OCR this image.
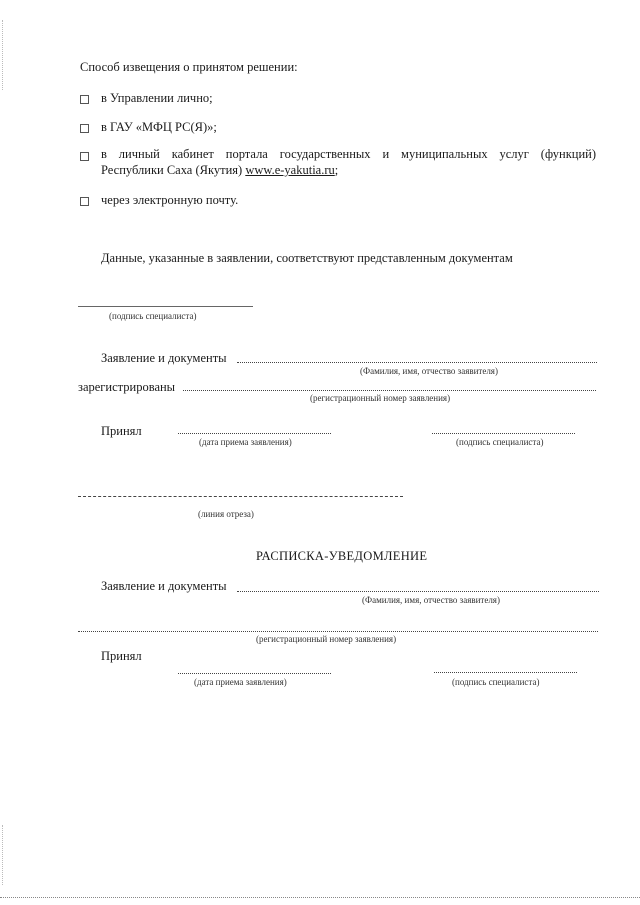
Способ извещения о принятом решении:
в Управлении лично;
в ГАУ «МФЦ РС(Я)»;
в личный кабинет портала государственных и муниципальных услуг (функций)
Республики Саха (Якутия) www.e-yakutia.ru;
через электронную почту.
Данные, указанные в заявлении, соответствуют представленным документам
(подпись специалиста)
Заявление и документы
(Фамилия, имя, отчество заявителя)
зарегистрированы
(регистрационный номер заявления)
Принял
(дата приема заявления)	(подпись специалиста)
(линия отреза)
РАСПИСКА-УВЕДОМЛЕНИЕ
Заявление и документы
(Фамилия, имя, отчество заявителя)
(регистрационный номер заявления)
Принял
(дата приема заявления)	(подпись специалиста)
